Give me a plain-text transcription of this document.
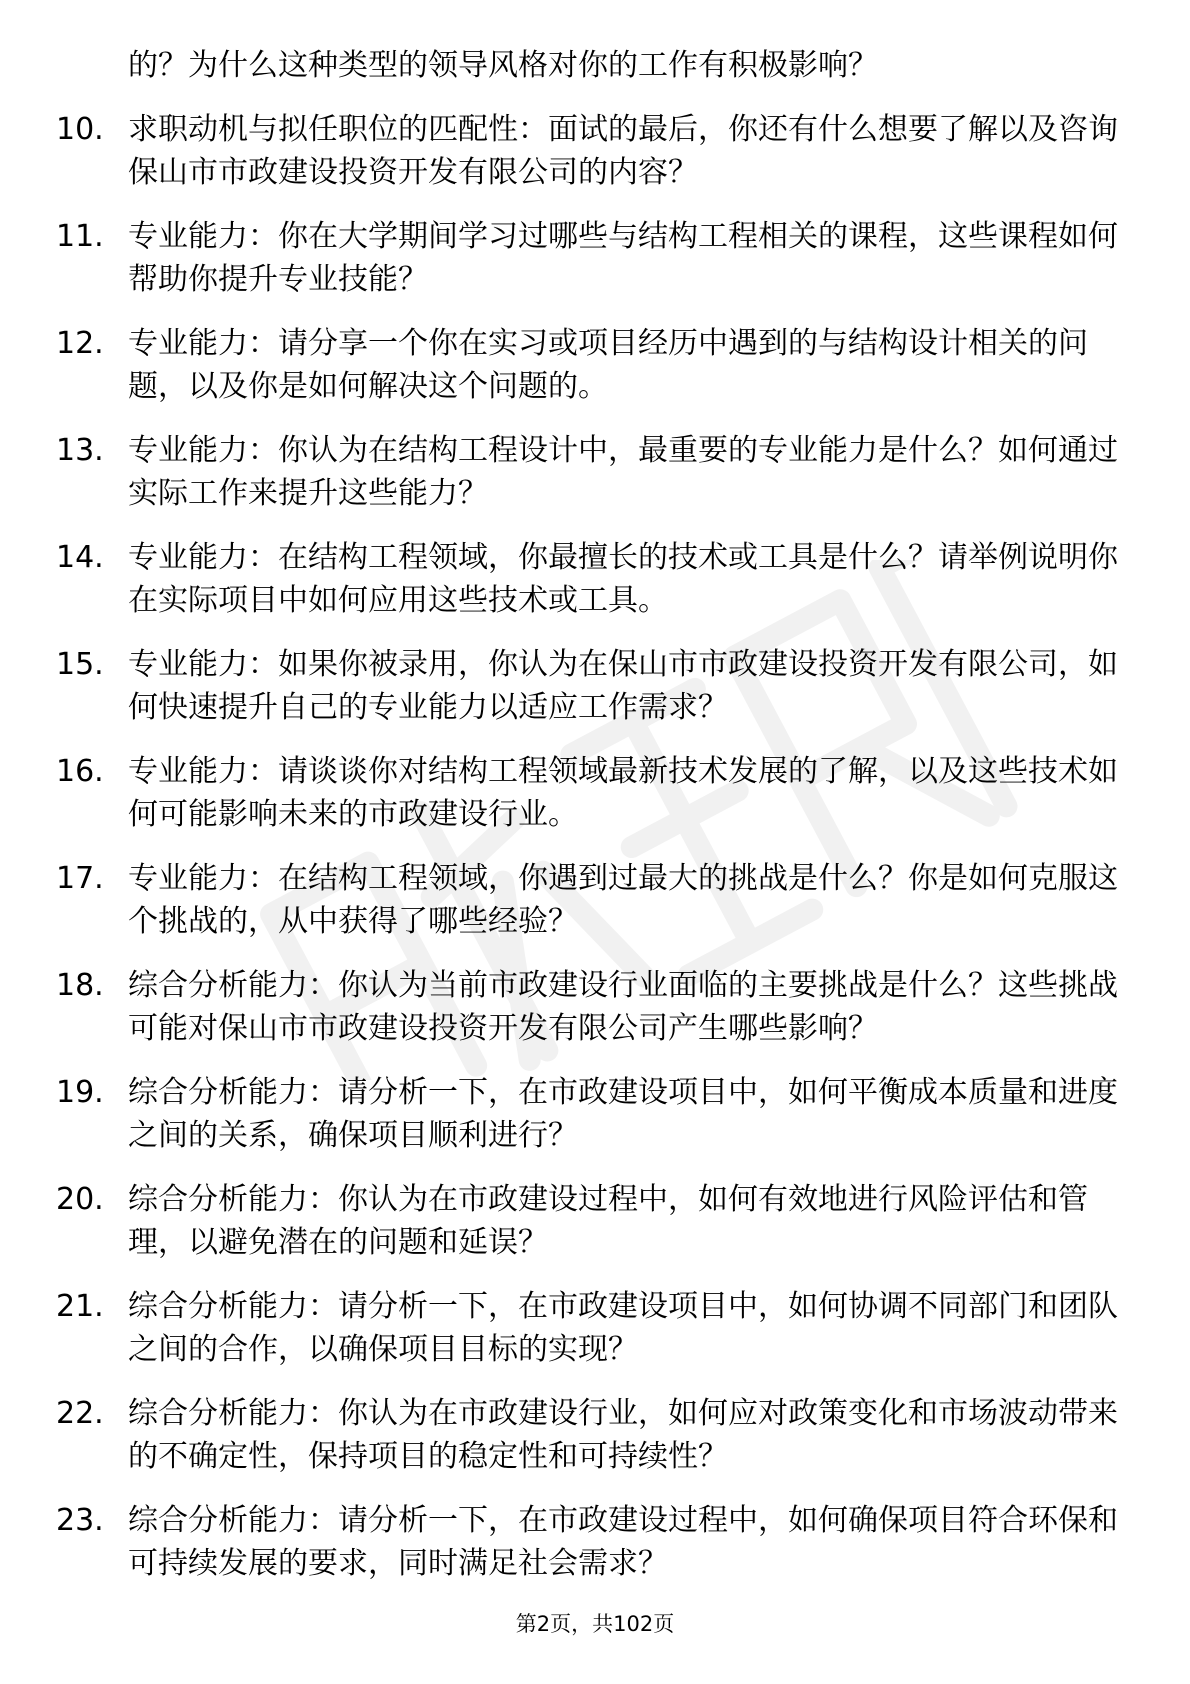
的？为什么这种类型的领导风格对你的工作有积极影响？
10. 求职动机与拟任职位的匹配性：面试的最后，你还有什么想要了解以及咨询保山市市政建设投资开发有限公司的内容？
11. 专业能力：你在大学期间学习过哪些与结构工程相关的课程，这些课程如何帮助你提升专业技能？
12. 专业能力：请分享一个你在实习或项目经历中遇到的与结构设计相关的问题，以及你是如何解决这个问题的。
13. 专业能力：你认为在结构工程设计中，最重要的专业能力是什么？如何通过实际工作来提升这些能力？
14. 专业能力：在结构工程领域，你最擅长的技术或工具是什么？请举例说明你在实际项目中如何应用这些技术或工具。
15. 专业能力：如果你被录用，你认为在保山市市政建设投资开发有限公司，如何快速提升自己的专业能力以适应工作需求？
16. 专业能力：请谈谈你对结构工程领域最新技术发展的了解，以及这些技术如何可能影响未来的市政建设行业。
17. 专业能力：在结构工程领域，你遇到过最大的挑战是什么？你是如何克服这个挑战的，从中获得了哪些经验？
18. 综合分析能力：你认为当前市政建设行业面临的主要挑战是什么？这些挑战可能对保山市市政建设投资开发有限公司产生哪些影响？
19. 综合分析能力：请分析一下，在市政建设项目中，如何平衡成本质量和进度之间的关系，确保项目顺利进行？
20. 综合分析能力：你认为在市政建设过程中，如何有效地进行风险评估和管理，以避免潜在的问题和延误？
21. 综合分析能力：请分析一下，在市政建设项目中，如何协调不同部门和团队之间的合作，以确保项目目标的实现？
22. 综合分析能力：你认为在市政建设行业，如何应对政策变化和市场波动带来的不确定性，保持项目的稳定性和可持续性？
23. 综合分析能力：请分析一下，在市政建设过程中，如何确保项目符合环保和可持续发展的要求，同时满足社会需求？
第2页，共102页
